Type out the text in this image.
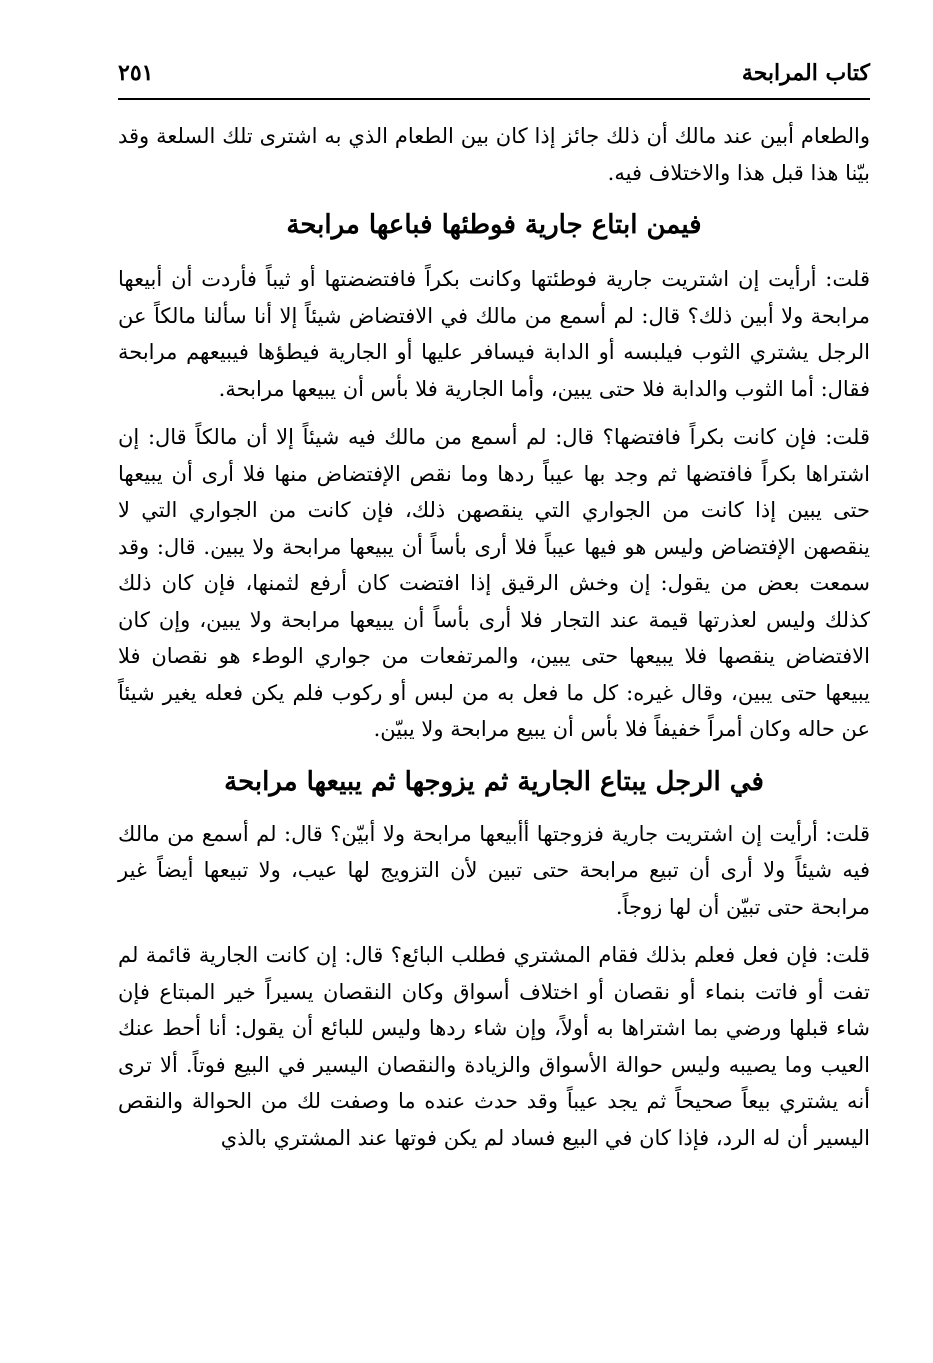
كتاب المرابحة
٢٥١

والطعام أبين عند مالك أن ذلك جائز إذا كان بين الطعام الذي به اشترى تلك السلعة وقد بيّنا هذا قبل هذا والاختلاف فيه.

فيمن ابتاع جارية فوطئها فباعها مرابحة

قلت: أرأيت إن اشتريت جارية فوطئتها وكانت بكراً فافتضضتها أو ثيباً فأردت أن أبيعها مرابحة ولا أبين ذلك؟ قال: لم أسمع من مالك في الافتضاض شيئاً إلا أنا سألنا مالكاً عن الرجل يشتري الثوب فيلبسه أو الدابة فيسافر عليها أو الجارية فيطؤها فيبيعهم مرابحة فقال: أما الثوب والدابة فلا حتى يبين، وأما الجارية فلا بأس أن يبيعها مرابحة.

قلت: فإن كانت بكراً فافتضها؟ قال: لم أسمع من مالك فيه شيئاً إلا أن مالكاً قال: إن اشتراها بكراً فافتضها ثم وجد بها عيباً ردها وما نقص الإفتضاض منها فلا أرى أن يبيعها حتى يبين إذا كانت من الجواري التي ينقصهن ذلك، فإن كانت من الجواري التي لا ينقصهن الإفتضاض وليس هو فيها عيباً فلا أرى بأساً أن يبيعها مرابحة ولا يبين. قال: وقد سمعت بعض من يقول: إن وخش الرقيق إذا افتضت كان أرفع لثمنها، فإن كان ذلك كذلك وليس لعذرتها قيمة عند التجار فلا أرى بأساً أن يبيعها مرابحة ولا يبين، وإن كان الافتضاض ينقصها فلا يبيعها حتى يبين، والمرتفعات من جواري الوطء هو نقصان فلا يبيعها حتى يبين، وقال غيره: كل ما فعل به من لبس أو ركوب فلم يكن فعله يغير شيئاً عن حاله وكان أمراً خفيفاً فلا بأس أن يبيع مرابحة ولا يبيّن.

في الرجل يبتاع الجارية ثم يزوجها ثم يبيعها مرابحة

قلت: أرأيت إن اشتريت جارية فزوجتها أأبيعها مرابحة ولا أبيّن؟ قال: لم أسمع من مالك فيه شيئاً ولا أرى أن تبيع مرابحة حتى تبين لأن التزويج لها عيب، ولا تبيعها أيضاً غير مرابحة حتى تبيّن أن لها زوجاً.

قلت: فإن فعل فعلم بذلك فقام المشتري فطلب البائع؟ قال: إن كانت الجارية قائمة لم تفت أو فاتت بنماء أو نقصان أو اختلاف أسواق وكان النقصان يسيراً خير المبتاع فإن شاء قبلها ورضي بما اشتراها به أولاً، وإن شاء ردها وليس للبائع أن يقول: أنا أحط عنك العيب وما يصيبه وليس حوالة الأسواق والزيادة والنقصان اليسير في البيع فوتاً. ألا ترى أنه يشتري بيعاً صحيحاً ثم يجد عيباً وقد حدث عنده ما وصفت لك من الحوالة والنقص اليسير أن له الرد، فإذا كان في البيع فساد لم يكن فوتها عند المشتري بالذي
